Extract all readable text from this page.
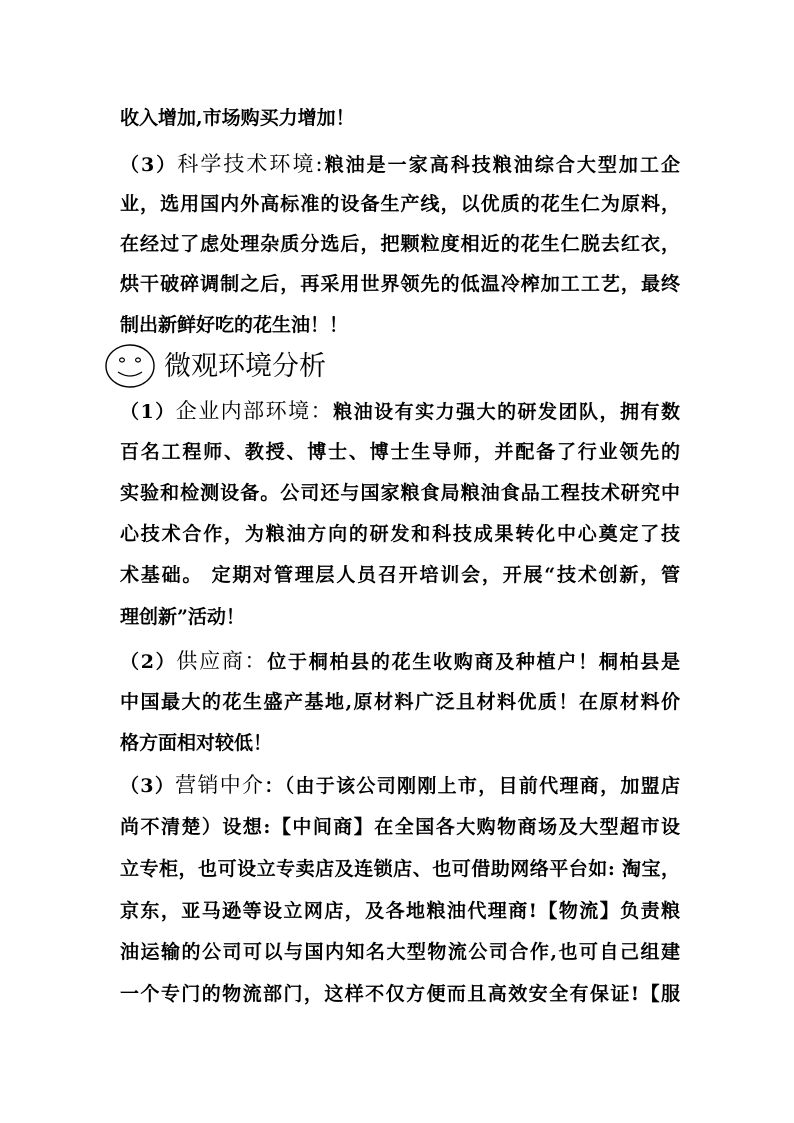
收入增加,市场购买力增加！
（3）科学技术环境:粮油是一家高科技粮油综合大型加工企
业，选用国内外高标准的设备生产线，以优质的花生仁为原料，
在经过了虑处理杂质分选后，把颗粒度相近的花生仁脱去红衣，
烘干破碎调制之后，再采用世界领先的低温冷榨加工工艺，最终
制出新鲜好吃的花生油！！
微观环境分析
（1）企业内部环境：粮油设有实力强大的研发团队，拥有数
百名工程师、教授、博士、博士生导师，并配备了行业领先的
实验和检测设备。公司还与国家粮食局粮油食品工程技术研究中
心技术合作，为粮油方向的研发和科技成果转化中心奠定了技
术基础。 定期对管理层人员召开培训会，开展“技术创新，管
理创新”活动！
（2）供应商：位于桐柏县的花生收购商及种植户！桐柏县是
中国最大的花生盛产基地,原材料广泛且材料优质！在原材料价
格方面相对较低！
（3）营销中介：（由于该公司刚刚上市，目前代理商，加盟店
尚不清楚）设想:【中间商】在全国各大购物商场及大型超市设
立专柜，也可设立专卖店及连锁店、也可借助网络平台如: 淘宝，
京东，亚马逊等设立网店，及各地粮油代理商!【物流】负责粮
油运输的公司可以与国内知名大型物流公司合作,也可自己组建
一个专门的物流部门，这样不仅方便而且高效安全有保证!【服
